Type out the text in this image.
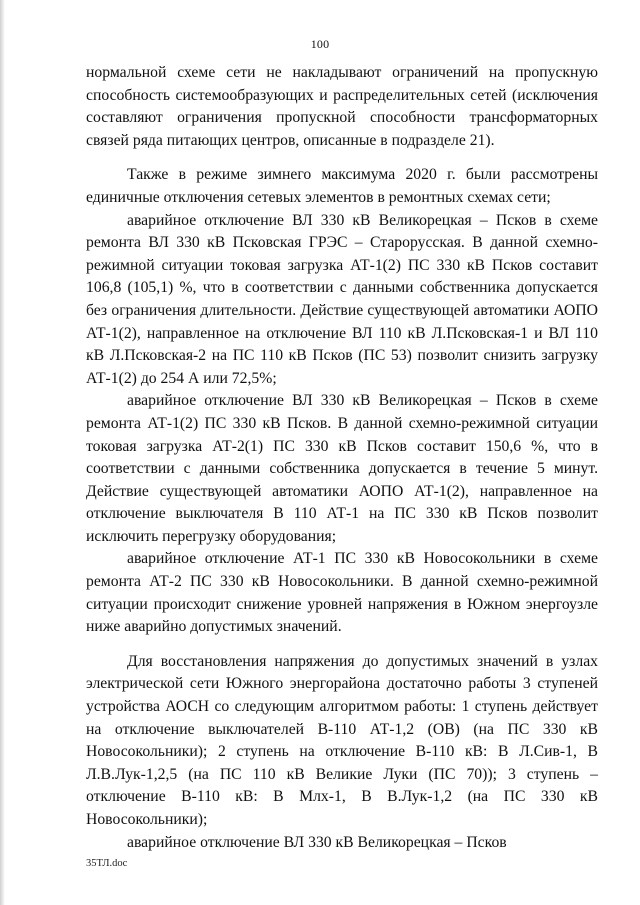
100

нормальной схеме сети не накладывают ограничений на пропускную способность системообразующих и распределительных сетей (исключения составляют ограничения пропускной способности трансформаторных связей ряда питающих центров, описанные в подразделе 21).

Также в режиме зимнего максимума 2020 г. были рассмотрены единичные отключения сетевых элементов в ремонтных схемах сети;

аварийное отключение ВЛ 330 кВ Великорецкая – Псков в схеме ремонта ВЛ 330 кВ Псковская ГРЭС – Старорусская. В данной схемно-режимной ситуации токовая загрузка АТ-1(2) ПС 330 кВ Псков составит 106,8 (105,1) %, что в соответствии с данными собственника допускается без ограничения длительности. Действие существующей автоматики АОПО АТ-1(2), направленное на отключение ВЛ 110 кВ Л.Псковская-1 и ВЛ 110 кВ Л.Псковская-2 на ПС 110 кВ Псков (ПС 53) позволит снизить загрузку АТ-1(2) до 254 А или 72,5%;

аварийное отключение ВЛ 330 кВ Великорецкая – Псков в схеме ремонта АТ-1(2) ПС 330 кВ Псков. В данной схемно-режимной ситуации токовая загрузка АТ-2(1) ПС 330 кВ Псков составит 150,6 %, что в соответствии с данными собственника допускается в течение 5 минут. Действие существующей автоматики АОПО АТ-1(2), направленное на отключение выключателя В 110 АТ-1 на ПС 330 кВ Псков позволит исключить перегрузку оборудования;

аварийное отключение АТ-1 ПС 330 кВ Новосокольники в схеме ремонта АТ-2 ПС 330 кВ Новосокольники. В данной схемно-режимной ситуации происходит снижение уровней напряжения в Южном энергоузле ниже аварийно допустимых значений.

Для восстановления напряжения до допустимых значений в узлах электрической сети Южного энергорайона достаточно работы 3 ступеней устройства АОСН со следующим алгоритмом работы: 1 ступень действует на отключение выключателей В-110 АТ-1,2 (ОВ) (на ПС 330 кВ Новосокольники); 2 ступень на отключение В-110 кВ: В Л.Сив-1, В Л.В.Лук-1,2,5 (на ПС 110 кВ Великие Луки (ПС 70)); 3 ступень – отключение В-110 кВ: В Млх-1, В В.Лук-1,2 (на ПС 330 кВ Новосокольники);

аварийное отключение ВЛ 330 кВ Великорецкая – Псков

35ТЛ.doc
